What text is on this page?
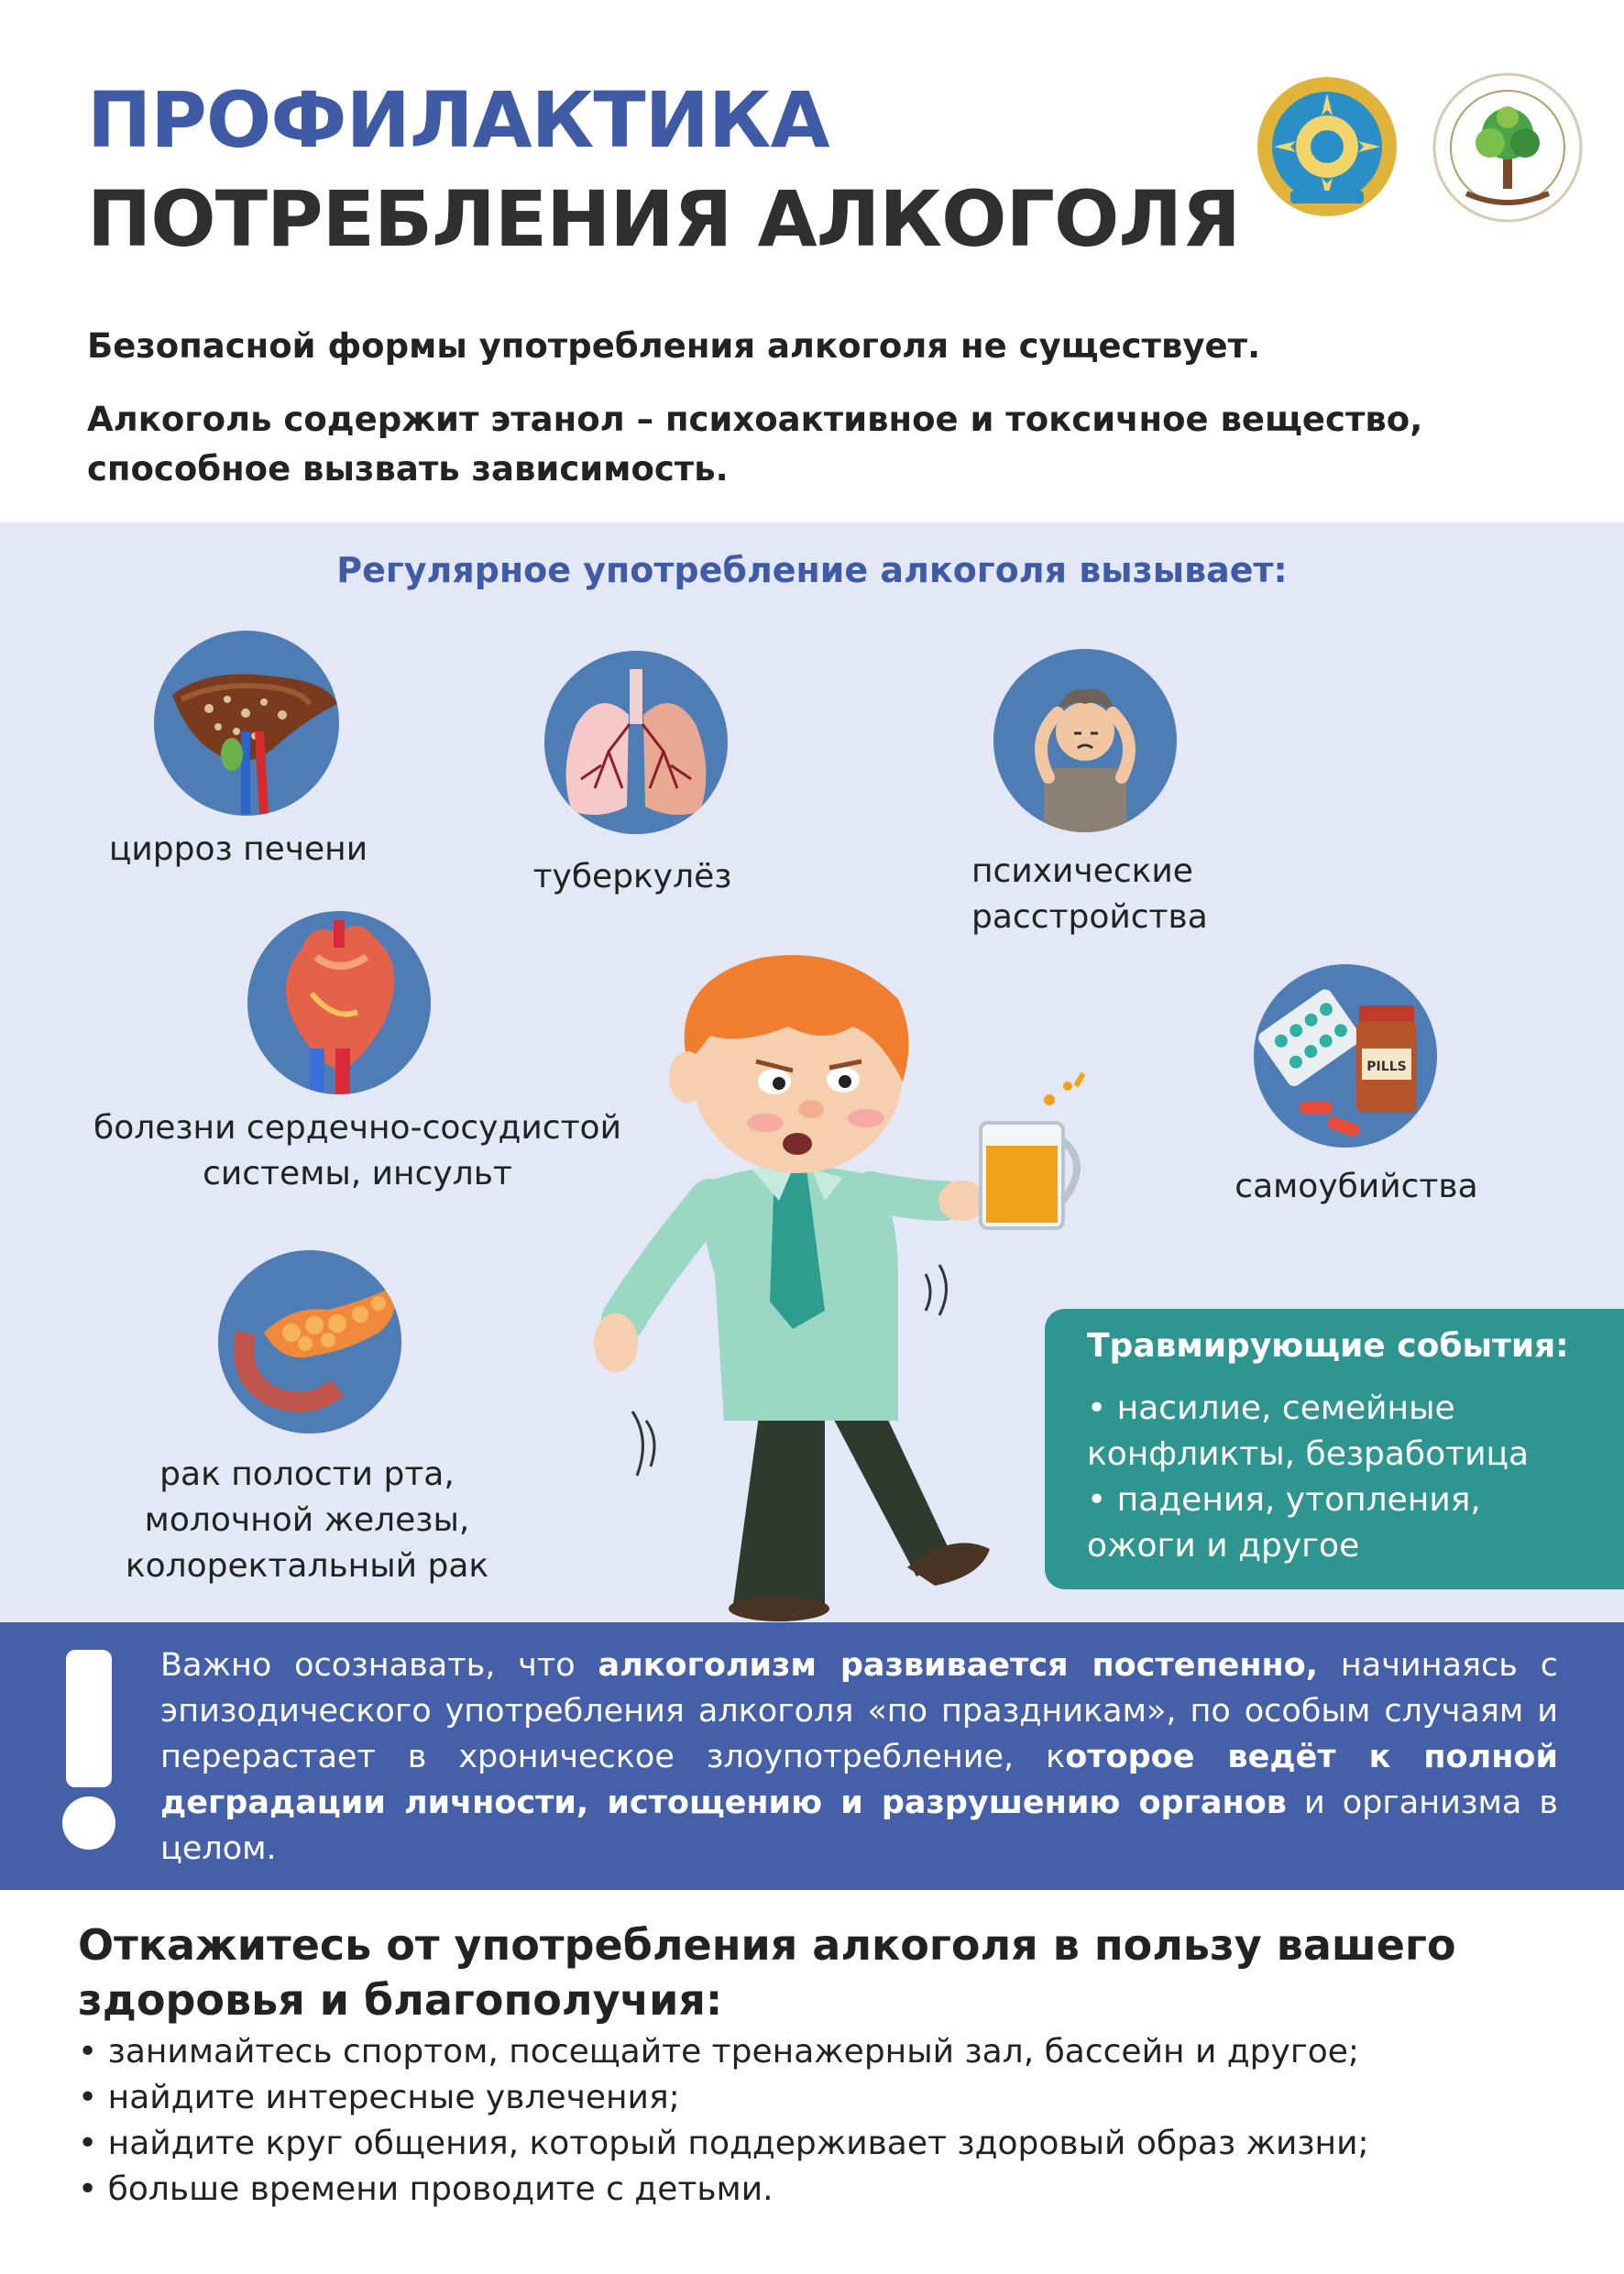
ПРОФИЛАКТИКА
ПОТРЕБЛЕНИЯ АЛКОГОЛЯ
Безопасной формы употребления алкоголя не существует.
Алкоголь содержит этанол – психоактивное и токсичное вещество,
способное вызвать зависимость.
Регулярное употребление алкоголя вызывает:
цирроз печени
туберкулёз	психические
расстройства
болезни сердечно-сосудистой
системы, инсульт
PILLS
самоубийства
рак полости рта,
молочной железы,
колоректальный рак
Травмирующие события:
• насилие, семейные
конфликты, безработица
• падения, утопления,
ожоги и другое
Важно осознавать, что алкоголизм развивается постепенно, начинаясь с эпизодического употребления алкоголя «по праздникам», по особым случаям и перерастает в хроническое злоупотребление, которое ведёт к полной деградации личности, истощению и разрушению органов и организма в целом.
Откажитесь от употребления алкоголя в пользу вашего
здоровья и благополучия:
• занимайтесь спортом, посещайте тренажерный зал, бассейн и другое;
• найдите интересные увлечения;
• найдите круг общения, который поддерживает здоровый образ жизни;
• больше времени проводите с детьми.
